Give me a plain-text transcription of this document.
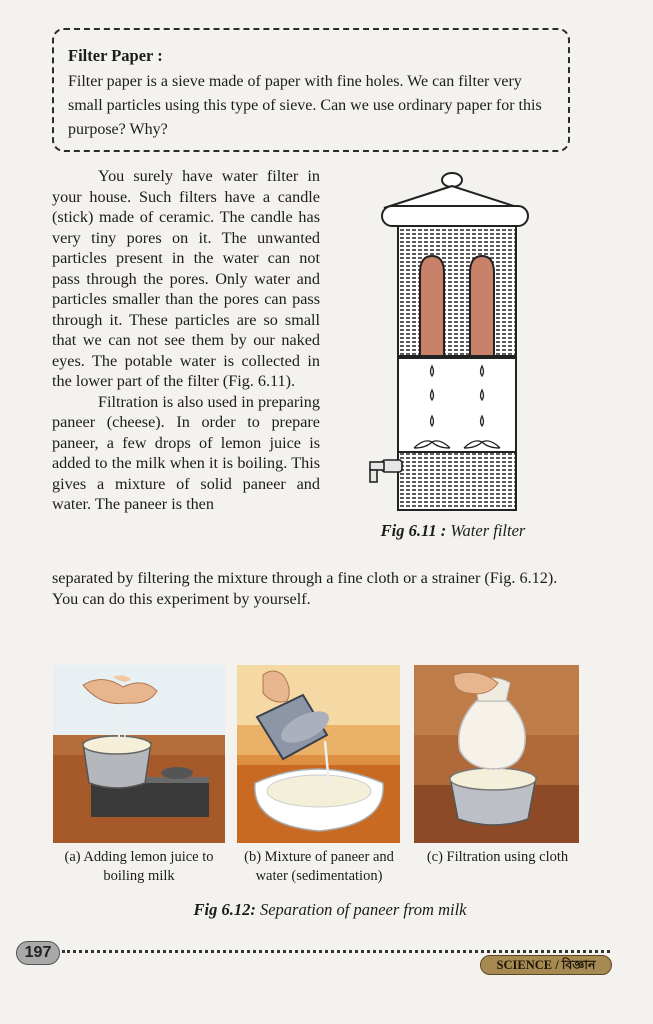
Filter Paper :
Filter paper is a sieve made of paper with fine holes. We can filter very small particles using this type of sieve. Can we use ordinary paper for this purpose? Why?

You surely have water filter in your house. Such filters have a candle (stick) made of ceramic. The candle has very tiny pores on it. The unwanted particles present in the water can not pass through the pores. Only water and particles smaller than the pores can pass through it. These particles are so small that we can not see them by our naked eyes. The potable water is collected in the lower part of the filter (Fig. 6.11).

Filtration is also used in preparing paneer (cheese). In order to prepare paneer, a few drops of lemon juice is added to the milk when it is boiling. This gives a mixture of solid paneer and water. The paneer is then

separated by filtering the mixture through a fine cloth or a strainer (Fig. 6.12). You can do this experiment by yourself.
Fig 6.11 : Water filter
(a) Adding lemon juice to boiling milk
(b) Mixture of paneer and water (sedimentation)
(c) Filtration using cloth
Fig 6.12: Separation of paneer from milk
197
SCIENCE / বিজ্ঞান
